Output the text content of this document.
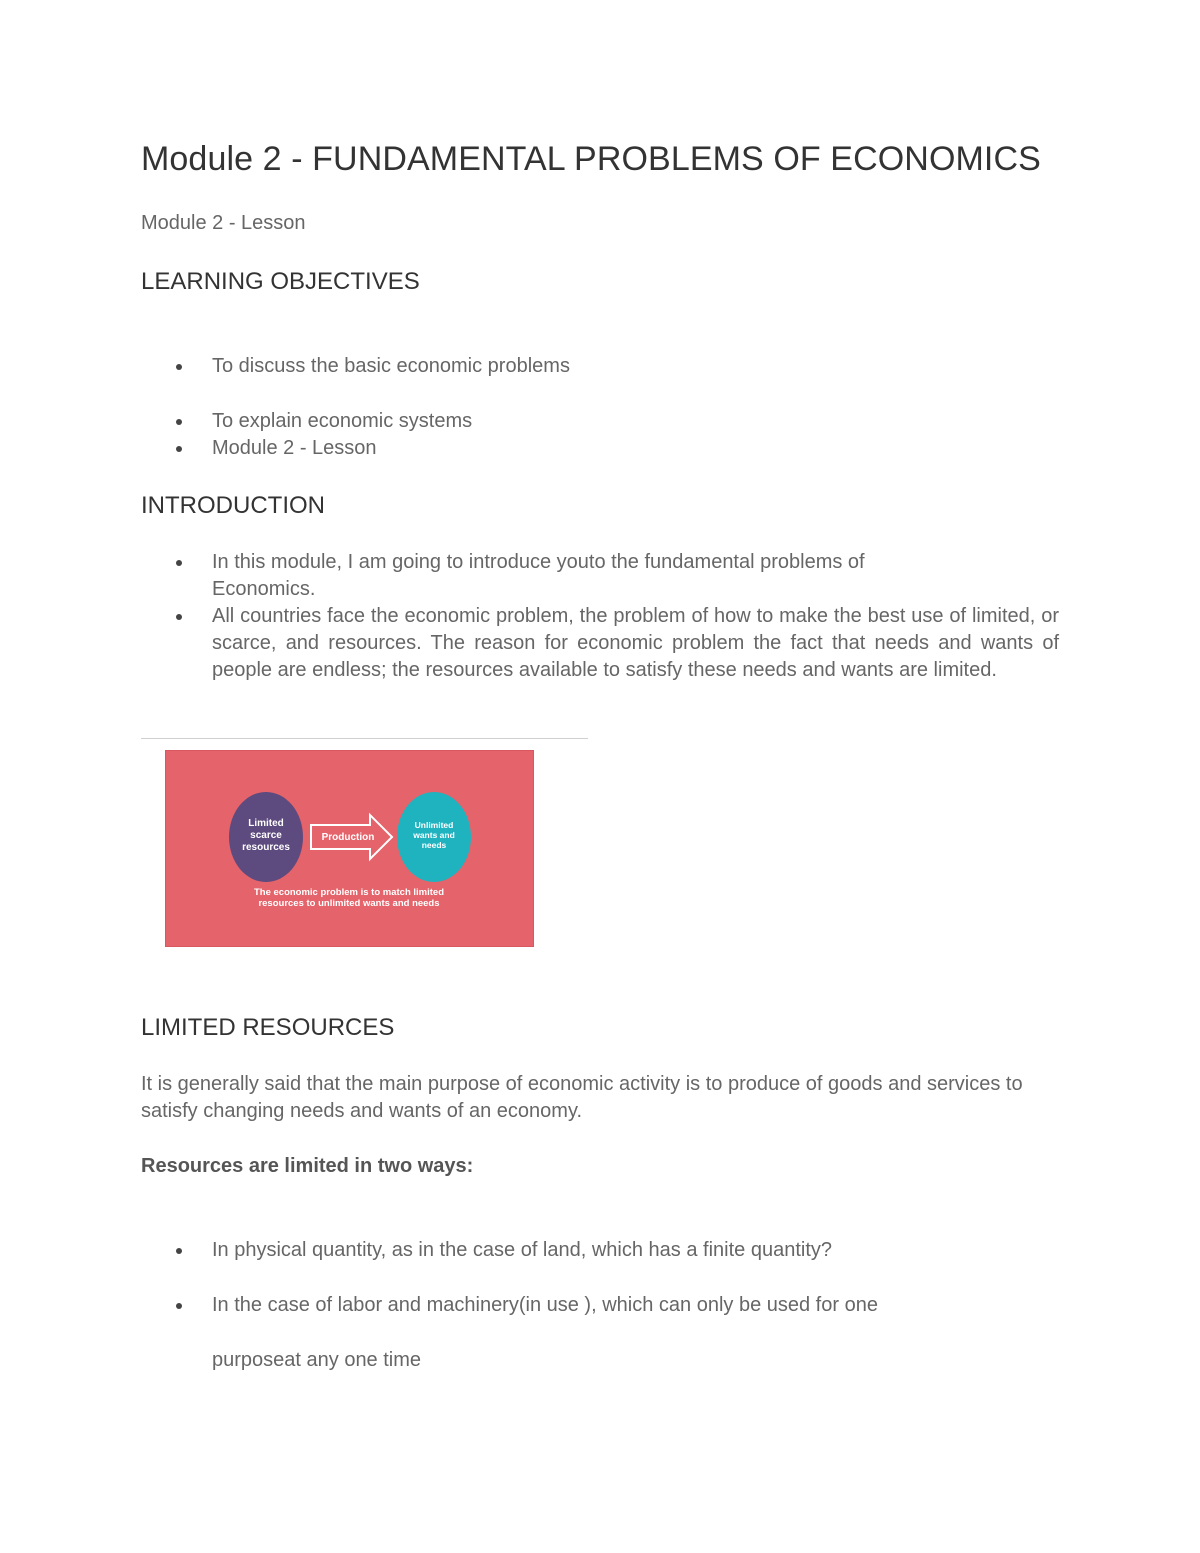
Module 2 - FUNDAMENTAL PROBLEMS OF ECONOMICS

Module 2 - Lesson

LEARNING OBJECTIVES
To discuss the basic economic problems
To explain economic systems
Module 2 - Lesson
INTRODUCTION
In this module, I am going to introduce youto the fundamental problems of Economics.
All countries face the economic problem, the problem of how to make the best use of limited, or scarce, and resources. The reason for economic problem the fact that needs and wants of people are endless; the resources available to satisfy these needs and wants are limited.
Limited
scarce
resources
Production
Unlimited
wants and
needs
The economic problem is to match limited
resources to unlimited wants and needs
LIMITED RESOURCES

It is generally said that the main purpose of economic activity is to produce of goods and services to satisfy changing needs and wants of an economy.

Resources are limited in two ways:

In physical quantity, as in the case of land, which has a finite quantity?
In the case of labor and machinery(in use ), which can only be used for one

purposeat any one time
